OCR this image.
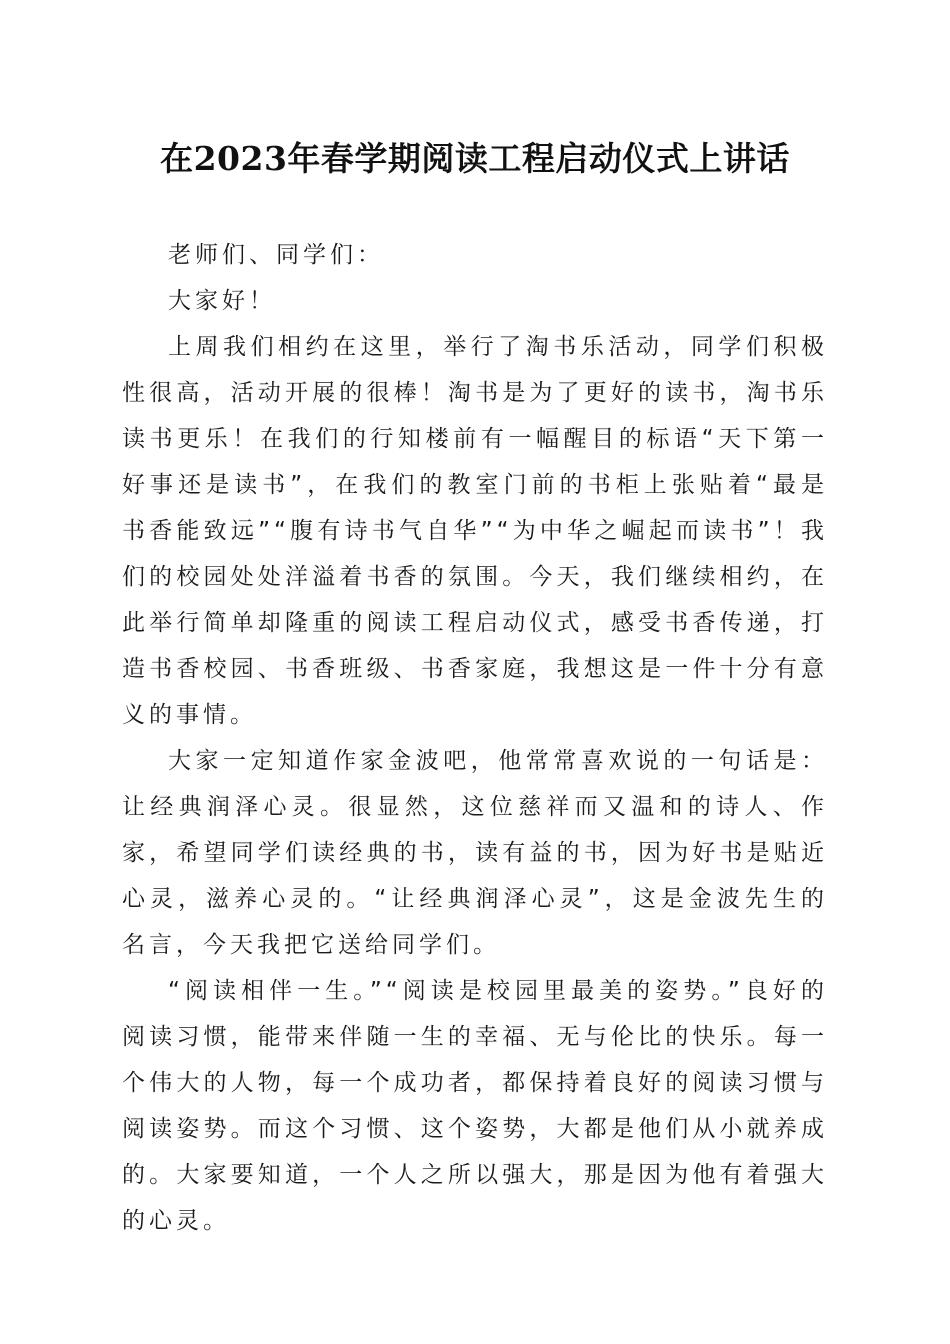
在2023年春学期阅读工程启动仪式上讲话

老师们、同学们：

大家好！

上周我们相约在这里，举行了淘书乐活动，同学们积极性很高，活动开展的很棒！淘书是为了更好的读书，淘书乐读书更乐！在我们的行知楼前有一幅醒目的标语“天下第一好事还是读书”，在我们的教室门前的书柜上张贴着“最是书香能致远”“腹有诗书气自华”“为中华之崛起而读书”！我们的校园处处洋溢着书香的氛围。今天，我们继续相约，在此举行简单却隆重的阅读工程启动仪式，感受书香传递，打造书香校园、书香班级、书香家庭，我想这是一件十分有意义的事情。

大家一定知道作家金波吧，他常常喜欢说的一句话是：让经典润泽心灵。很显然，这位慈祥而又温和的诗人、作家，希望同学们读经典的书，读有益的书，因为好书是贴近心灵，滋养心灵的。“让经典润泽心灵”，这是金波先生的名言，今天我把它送给同学们。

“阅读相伴一生。”“阅读是校园里最美的姿势。”良好的阅读习惯，能带来伴随一生的幸福、无与伦比的快乐。每一个伟大的人物，每一个成功者，都保持着良好的阅读习惯与阅读姿势。而这个习惯、这个姿势，大都是他们从小就养成的。大家要知道，一个人之所以强大，那是因为他有着强大的心灵。
